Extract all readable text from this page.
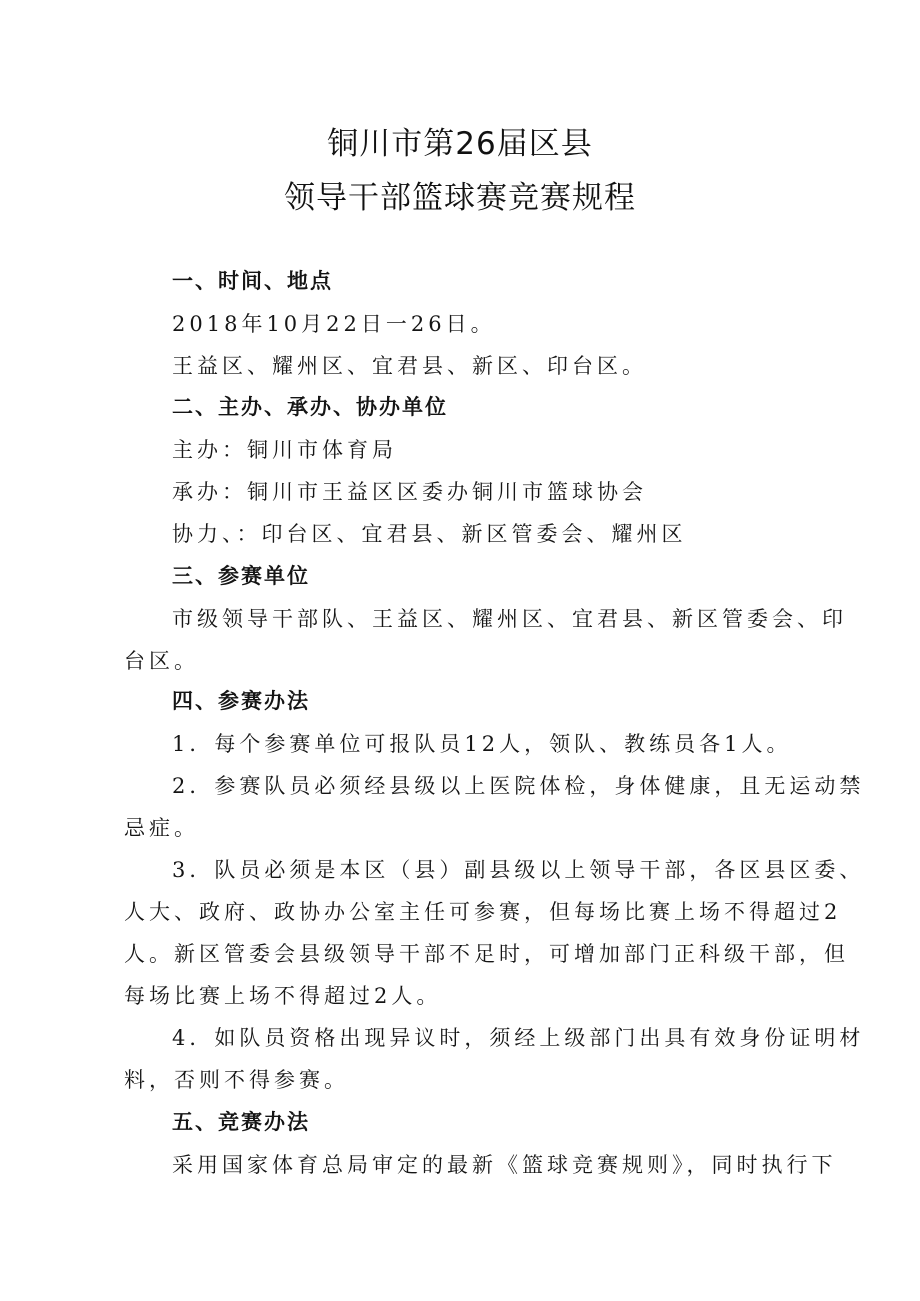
铜川市第26届区县
领导干部篮球赛竞赛规程
一、时间、地点
2018年10月22日一26日。
王益区、耀州区、宜君县、新区、印台区。
二、主办、承办、协办单位
主办：铜川市体育局
承办：铜川市王益区区委办铜川市篮球协会
协力、：印台区、宜君县、新区管委会、耀州区
三、参赛单位
市级领导干部队、王益区、耀州区、宜君县、新区管委会、印
台区。
四、参赛办法
1．每个参赛单位可报队员12人，领队、教练员各1人。
2．参赛队员必须经县级以上医院体检，身体健康，且无运动禁
忌症。
3．队员必须是本区（县）副县级以上领导干部，各区县区委、
人大、政府、政协办公室主任可参赛，但每场比赛上场不得超过2
人。新区管委会县级领导干部不足时，可增加部门正科级干部，但
每场比赛上场不得超过2人。
4．如队员资格出现异议时，须经上级部门出具有效身份证明材
料，否则不得参赛。
五、竞赛办法
采用国家体育总局审定的最新《篮球竞赛规则》，同时执行下
